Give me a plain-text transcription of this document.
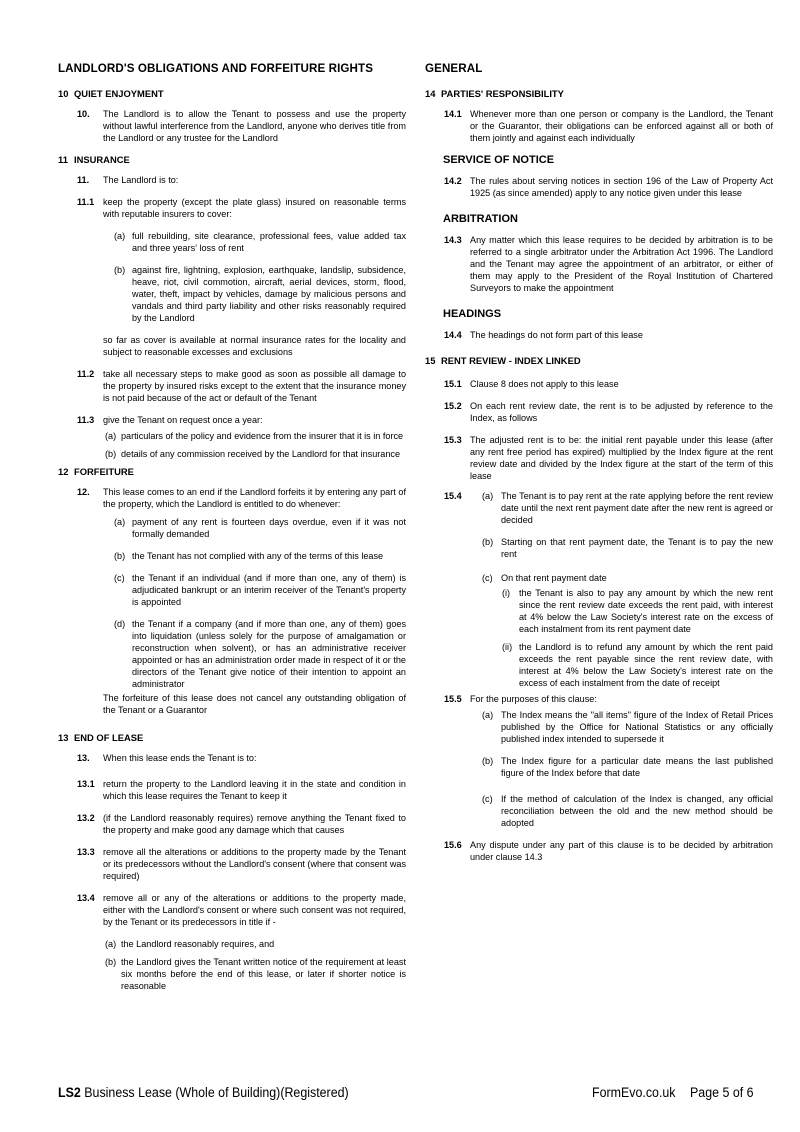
LANDLORD'S OBLIGATIONS AND FORFEITURE RIGHTS
10 QUIET ENJOYMENT
10. The Landlord is to allow the Tenant to possess and use the property without lawful interference from the Landlord, anyone who derives title from the Landlord or any trustee for the Landlord
11 INSURANCE
11. The Landlord is to:
11.1 keep the property (except the plate glass) insured on reasonable terms with reputable insurers to cover:
(a) full rebuilding, site clearance, professional fees, value added tax and three years' loss of rent
(b) against fire, lightning, explosion, earthquake, landslip, subsidence, heave, riot, civil commotion, aircraft, aerial devices, storm, flood, water, theft, impact by vehicles, damage by malicious persons and vandals and third party liability and other risks reasonably required by the Landlord
so far as cover is available at normal insurance rates for the locality and subject to reasonable excesses and exclusions
11.2 take all necessary steps to make good as soon as possible all damage to the property by insured risks except to the extent that the insurance money is not paid because of the act or default of the Tenant
11.3 give the Tenant on request once a year:
(a) particulars of the policy and evidence from the insurer that it is in force
(b) details of any commission received by the Landlord for that insurance
12 FORFEITURE
12. This lease comes to an end if the Landlord forfeits it by entering any part of the property, which the Landlord is entitled to do whenever:
(a) payment of any rent is fourteen days overdue, even if it was not formally demanded
(b) the Tenant has not complied with any of the terms of this lease
(c) the Tenant if an individual (and if more than one, any of them) is adjudicated bankrupt or an interim receiver of the Tenant's property is appointed
(d) the Tenant if a company (and if more than one, any of them) goes into liquidation (unless solely for the purpose of amalgamation or reconstruction when solvent), or has an administrative receiver appointed or has an administration order made in respect of it or the directors of the Tenant give notice of their intention to appoint an administrator
The forfeiture of this lease does not cancel any outstanding obligation of the Tenant or a Guarantor
13 END OF LEASE
13. When this lease ends the Tenant is to:
13.1 return the property to the Landlord leaving it in the state and condition in which this lease requires the Tenant to keep it
13.2 (if the Landlord reasonably requires) remove anything the Tenant fixed to the property and make good any damage which that causes
13.3 remove all the alterations or additions to the property made by the Tenant or its predecessors without the Landlord's consent (where that consent was required)
13.4 remove all or any of the alterations or additions to the property made, either with the Landlord's consent or where such consent was not required, by the Tenant or its predecessors in title if -
(a) the Landlord reasonably requires, and
(b) the Landlord gives the Tenant written notice of the requirement at least six months before the end of this lease, or later if shorter notice is reasonable
GENERAL
14 PARTIES' RESPONSIBILITY
14.1 Whenever more than one person or company is the Landlord, the Tenant or the Guarantor, their obligations can be enforced against all or both of them jointly and against each individually
SERVICE OF NOTICE
14.2 The rules about serving notices in section 196 of the Law of Property Act 1925 (as since amended) apply to any notice given under this lease
ARBITRATION
14.3 Any matter which this lease requires to be decided by arbitration is to be referred to a single arbitrator under the Arbitration Act 1996. The Landlord and the Tenant may agree the appointment of an arbitrator, or either of them may apply to the President of the Royal Institution of Chartered Surveyors to make the appointment
HEADINGS
14.4 The headings do not form part of this lease
15 RENT REVIEW - INDEX LINKED
15.1 Clause 8 does not apply to this lease
15.2 On each rent review date, the rent is to be adjusted by reference to the Index, as follows
15.3 The adjusted rent is to be: the initial rent payable under this lease (after any rent free period has expired) multiplied by the Index figure at the rent review date and divided by the Index figure at the start of the term of this lease
15.4 (a) The Tenant is to pay rent at the rate applying before the rent review date until the next rent payment date after the new rent is agreed or decided
(b) Starting on that rent payment date, the Tenant is to pay the new rent
(c) On that rent payment date
(i) the Tenant is also to pay any amount by which the new rent since the rent review date exceeds the rent paid, with interest at 4% below the Law Society's interest rate on the excess of each instalment from its rent payment date
(ii) the Landlord is to refund any amount by which the rent paid exceeds the rent payable since the rent review date, with interest at 4% below the Law Society's interest rate on the excess of each instalment from the date of receipt
15.5 For the purposes of this clause:
(a) The Index means the "all items" figure of the Index of Retail Prices published by the Office for National Statistics or any officially published index intended to supersede it
(b) The Index figure for a particular date means the last published figure of the Index before that date
(c) If the method of calculation of the Index is changed, any official reconciliation between the old and the new method should be adopted
15.6 Any dispute under any part of this clause is to be decided by arbitration under clause 14.3
LS2 Business Lease (Whole of Building)(Registered)	FormEvo.co.uk Page 5 of 6
